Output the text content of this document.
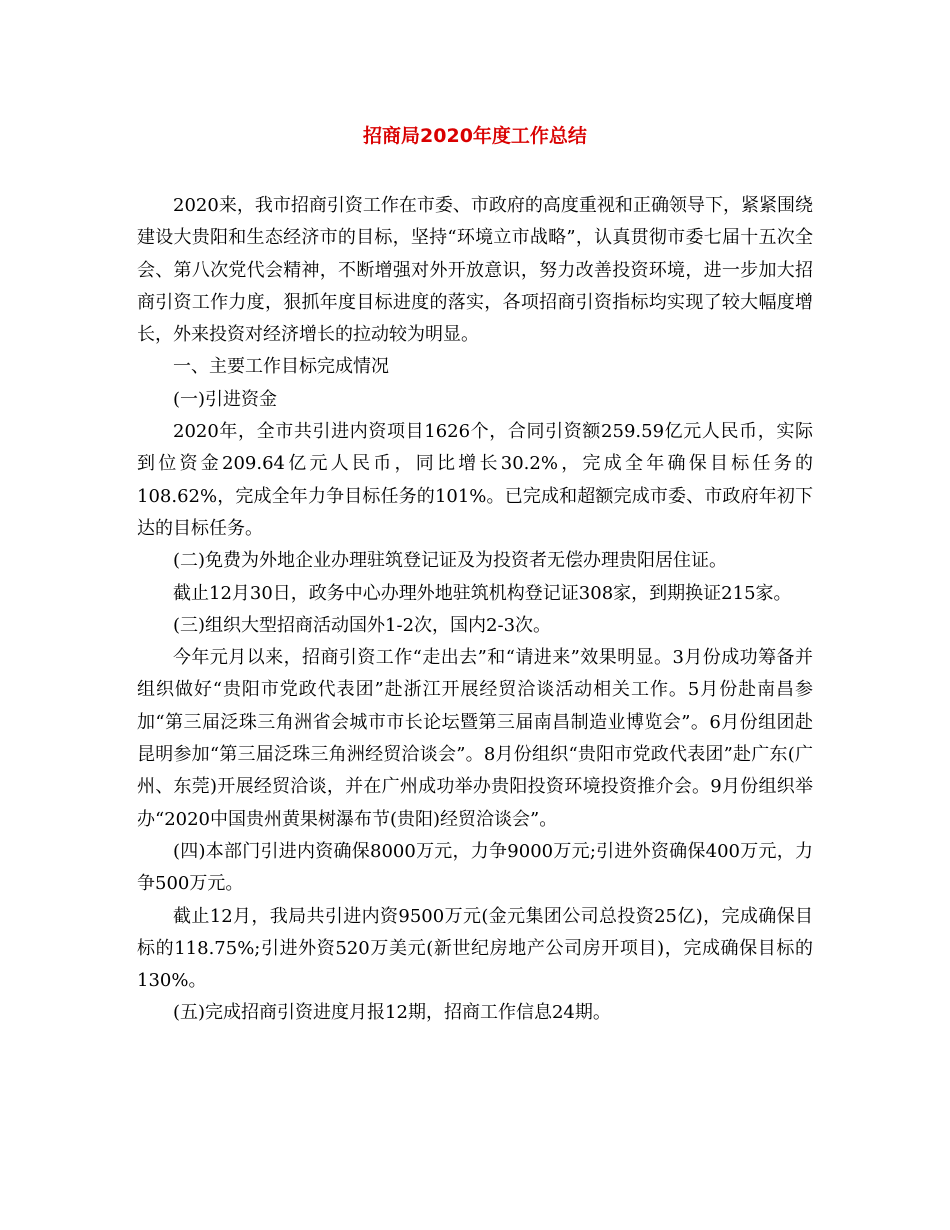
招商局2020年度工作总结

2020来，我市招商引资工作在市委、市政府的高度重视和正确领导下，紧紧围绕建设大贵阳和生态经济市的目标，坚持“环境立市战略”，认真贯彻市委七届十五次全会、第八次党代会精神，不断增强对外开放意识，努力改善投资环境，进一步加大招商引资工作力度，狠抓年度目标进度的落实，各项招商引资指标均实现了较大幅度增长，外来投资对经济增长的拉动较为明显。

一、主要工作目标完成情况

(一)引进资金

2020年，全市共引进内资项目1626个，合同引资额259.59亿元人民币，实际到位资金209.64亿元人民币，同比增长30.2%，完成全年确保目标任务的108.62%，完成全年力争目标任务的101%。已完成和超额完成市委、市政府年初下达的目标任务。

(二)免费为外地企业办理驻筑登记证及为投资者无偿办理贵阳居住证。

截止12月30日，政务中心办理外地驻筑机构登记证308家，到期换证215家。

(三)组织大型招商活动国外1-2次，国内2-3次。

今年元月以来，招商引资工作“走出去”和“请进来”效果明显。3月份成功筹备并组织做好“贵阳市党政代表团”赴浙江开展经贸洽谈活动相关工作。5月份赴南昌参加“第三届泛珠三角洲省会城市市长论坛暨第三届南昌制造业博览会”。6月份组团赴昆明参加“第三届泛珠三角洲经贸洽谈会”。8月份组织“贵阳市党政代表团”赴广东(广州、东莞)开展经贸洽谈，并在广州成功举办贵阳投资环境投资推介会。9月份组织举办“2020中国贵州黄果树瀑布节(贵阳)经贸洽谈会”。

(四)本部门引进内资确保8000万元，力争9000万元;引进外资确保400万元，力争500万元。

截止12月，我局共引进内资9500万元(金元集团公司总投资25亿)，完成确保目标的118.75%;引进外资520万美元(新世纪房地产公司房开项目)，完成确保目标的130%。

(五)完成招商引资进度月报12期，招商工作信息24期。
